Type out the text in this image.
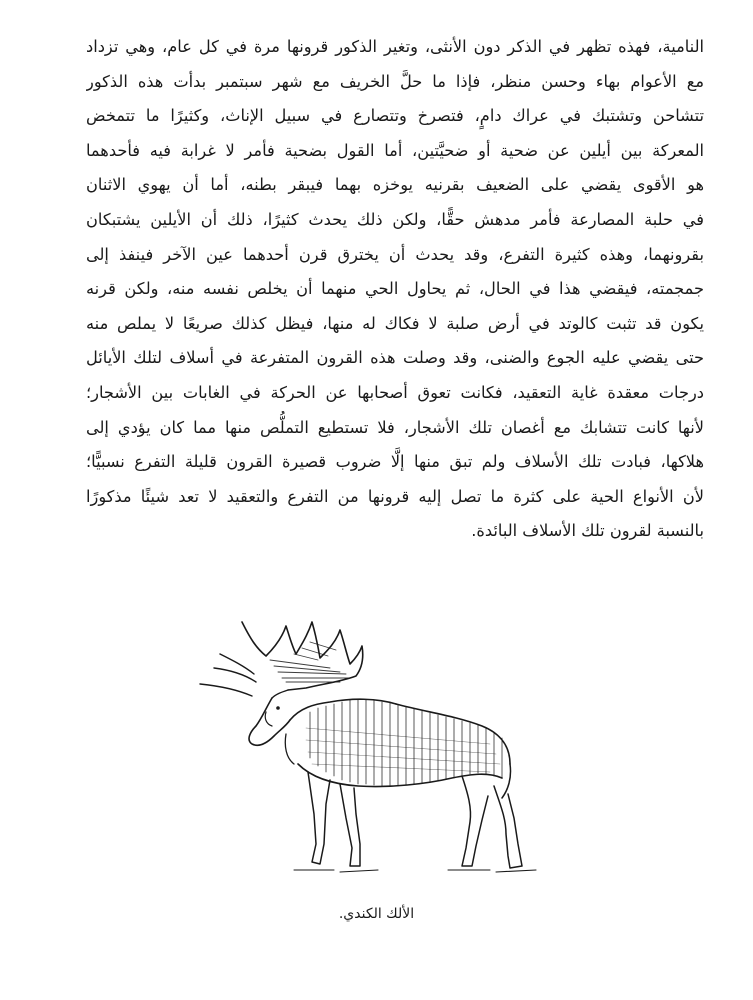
النامية، فهذه تظهر في الذكر دون الأنثى، وتغير الذكور قرونها مرة في كل عام، وهي تزداد
مع الأعوام بهاء وحسن منظر، فإذا ما حلَّ الخريف مع شهر سبتمبر بدأت هذه الذكور
تتشاحن وتشتبك في عراك دامٍ، فتصرخ وتتصارع في سبيل الإناث، وكثيرًا ما تتمخض
المعركة بين أيلين عن ضحية أو ضحيَّتين، أما القول بضحية فأمر لا غرابة فيه فأحدهما
هو الأقوى يقضي على الضعيف بقرنيه يوخزه بهما فيبقر بطنه، أما أن يهوي الاثنان
في حلبة المصارعة فأمر مدهش حقًّا، ولكن ذلك يحدث كثيرًا، ذلك أن الأيلين يشتبكان
بقرونهما، وهذه كثيرة التفرع، وقد يحدث أن يخترق قرن أحدهما عين الآخر فينفذ إلى
جمجمته، فيقضي هذا في الحال، ثم يحاول الحي منهما أن يخلص نفسه منه، ولكن قرنه
يكون قد تثبت كالوتد في أرض صلبة لا فكاك له منها، فيظل كذلك صريعًا لا يملص منه
حتى يقضي عليه الجوع والضنى، وقد وصلت هذه القرون المتفرعة في أسلاف لتلك الأيائل
درجات معقدة غاية التعقيد، فكانت تعوق أصحابها عن الحركة في الغابات بين الأشجار؛
لأنها كانت تتشابك مع أغصان تلك الأشجار، فلا تستطيع التملُّص منها مما كان يؤدي إلى
هلاكها، فبادت تلك الأسلاف ولم تبق منها إلَّا ضروب قصيرة القرون قليلة التفرع نسبيًّا؛
لأن الأنواع الحية على كثرة ما تصل إليه قرونها من التفرع والتعقيد لا تعد شيئًا مذكورًا
بالنسبة لقرون تلك الأسلاف البائدة.
الألك الكندي.
